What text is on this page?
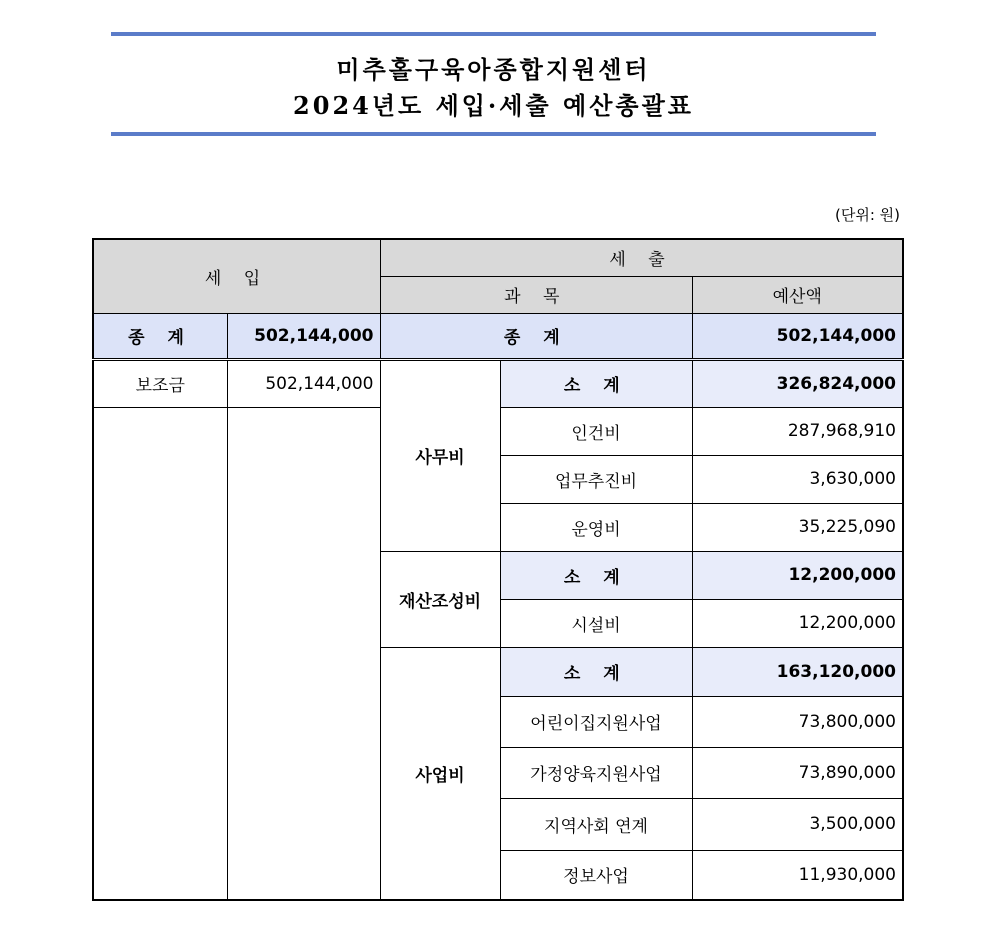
미추홀구육아종합지원센터
2024년도 세입·세출 예산총괄표
(단위: 원)
세 입		세 출		
		과 목		예산액
종 계	502,144,000	종 계		502,144,000
보조금	502,144,000	사무비	소 계	326,824,000
			인건비	287,968,910
			업무추진비	3,630,000
			운영비	35,225,090
		재산조성비	소 계	12,200,000
			시설비	12,200,000
		사업비	소 계	163,120,000
			어린이집지원사업	73,800,000
			가정양육지원사업	73,890,000
			지역사회 연계	3,500,000
			정보사업	11,930,000
